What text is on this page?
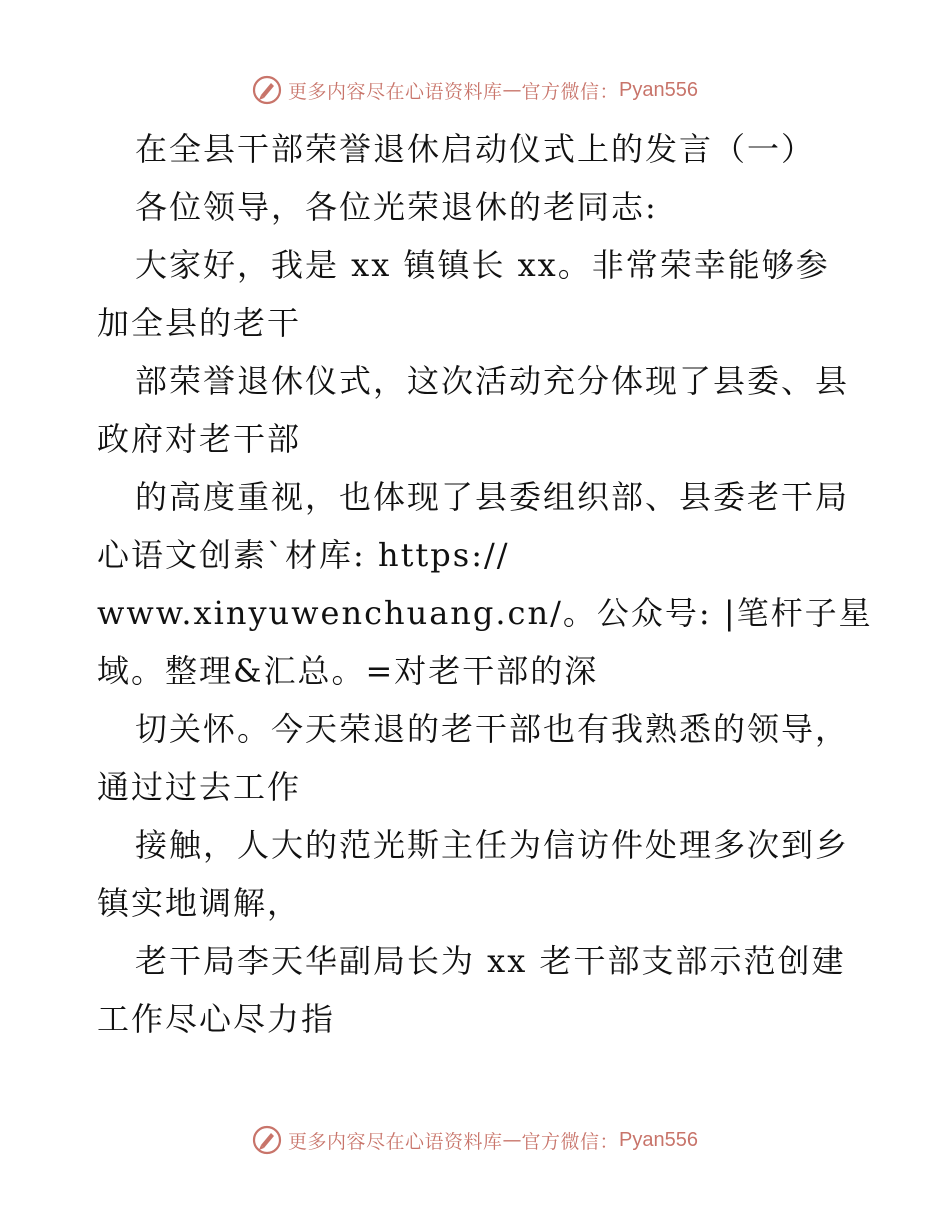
更多内容尽在心语资料库 — 官方微信： Pyan556
在全县干部荣誉退休启动仪式上的发言（一）
各位领导，各位光荣退休的老同志:
大家好，我是 xx 镇镇长 xx。非常荣幸能够参
加全县的老干
部荣誉退休仪式，这次活动充分体现了县委、县
政府对老干部
的高度重视，也体现了县委组织部、县委老干局
心语文创素`材库: https://
www.xinyuwenchuang.cn/。公众号: |笔杆子星
域。整理&汇总。=对老干部的深
切关怀。今天荣退的老干部也有我熟悉的领导，
通过过去工作
接触，人大的范光斯主任为信访件处理多次到乡
镇实地调解，
老干局李天华副局长为 xx 老干部支部示范创建
工作尽心尽力指
更多内容尽在心语资料库 — 官方微信： Pyan556
